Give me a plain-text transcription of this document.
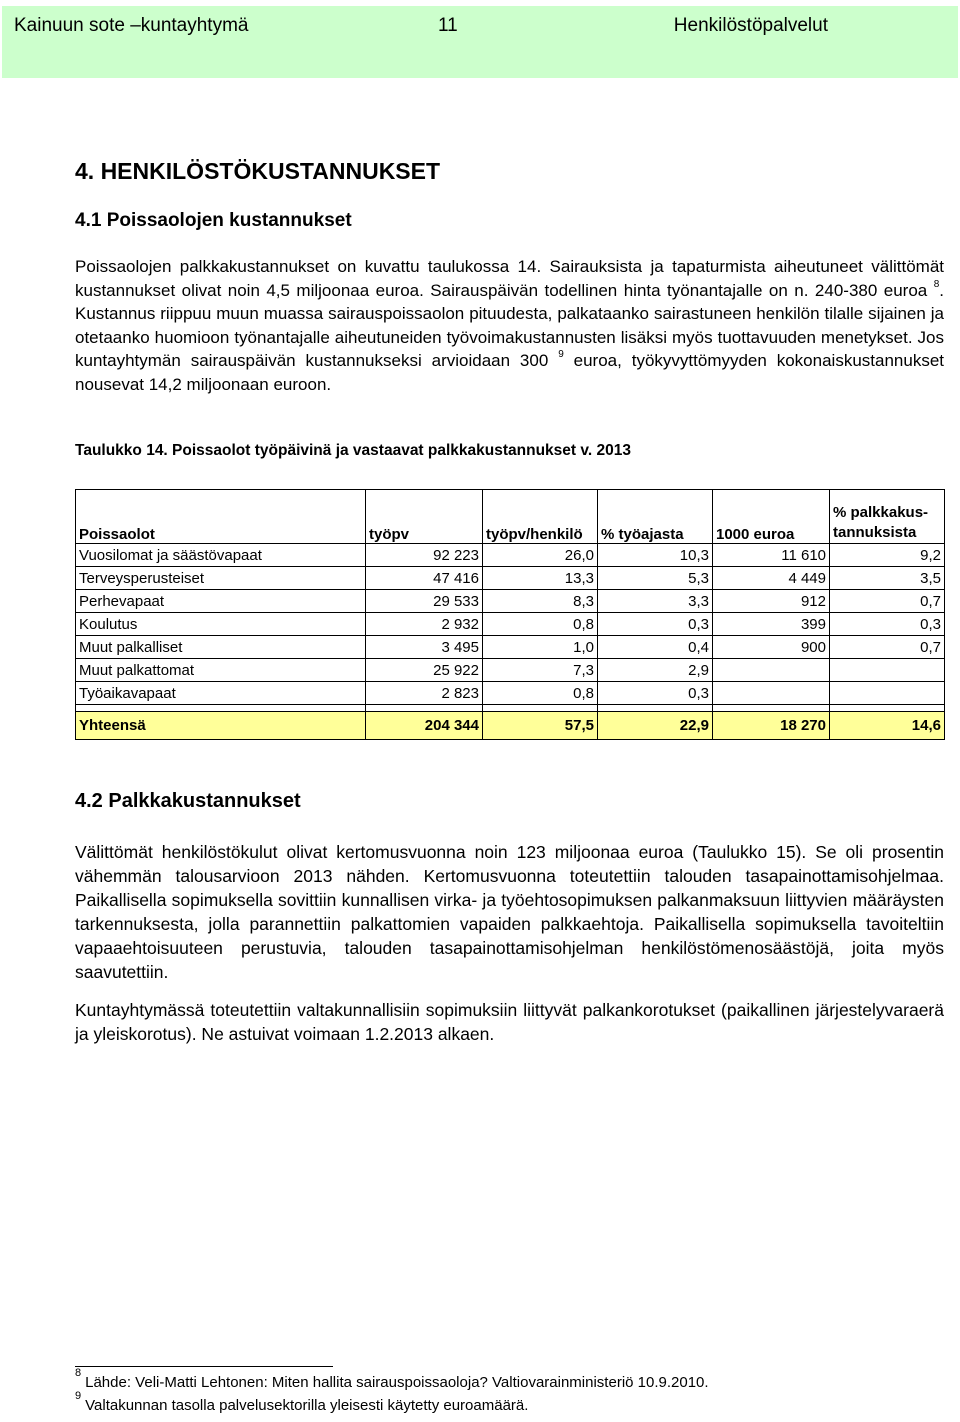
Kainuun sote –kuntayhtymä	11	Henkilöstöpalvelut
4. HENKILÖSTÖKUSTANNUKSET
4.1 Poissaolojen kustannukset

Poissaolojen palkkakustannukset on kuvattu taulukossa 14. Sairauksista ja tapaturmista aiheutuneet välittömät kustannukset olivat noin 4,5 miljoonaa euroa. Sairauspäivän todellinen hinta työnantajalle on n. 240-380 euroa $^8$. Kustannus riippuu muun muassa sairauspoissaolon pituudesta, palkataanko sairastuneen henkilön tilalle sijainen ja otetaanko huomioon työnantajalle aiheutuneiden työvoimakustannusten lisäksi myös tuottavuuden menetykset. Jos kuntayhtymän sairauspäivän kustannukseksi arvioidaan 300 $^9$ euroa, työkyvyttömyyden kokonaiskustannukset nousevat 14,2 miljoonaan euroon.

Taulukko 14. Poissaolot työpäivinä ja vastaavat palkkakustannukset v. 2013
Poissaolot	työpv	työpv/henkilö	% työajasta	1000 euroa	% palkkakus-tannuksista
Vuosilomat ja säästövapaat	92 223	26,0	10,3	11 610	9,2
Terveysperusteiset	47 416	13,3	5,3	4 449	3,5
Perhevapaat	29 533	8,3	3,3	912	0,7
Koulutus	2 932	0,8	0,3	399	0,3
Muut palkalliset	3 495	1,0	0,4	900	0,7
Muut palkattomat	25 922	7,3	2,9		
Työaikavapaat	2 823	0,8	0,3		

Yhteensä	204 344	57,5	22,9	18 270	14,6
4.2 Palkkakustannukset

Välittömät henkilöstökulut olivat kertomusvuonna noin 123 miljoonaa euroa (Taulukko 15). Se oli prosentin vähemmän talousarvioon 2013 nähden. Kertomusvuonna toteutettiin talouden tasapainottamisohjelmaa. Paikallisella sopimuksella sovittiin kunnallisen virka- ja työehtosopimuksen palkanmaksuun liittyvien määräysten tarkennuksesta, jolla parannettiin palkattomien vapaiden palkkaehtoja. Paikallisella sopimuksella tavoiteltiin vapaaehtoisuuteen perustuvia, talouden tasapainottamisohjelman henkilöstömenosäästöjä, joita myös saavutettiin.

Kuntayhtymässä toteutettiin valtakunnallisiin sopimuksiin liittyvät palkankorotukset (paikallinen järjestelyvaraerä ja yleiskorotus). Ne astuivat voimaan 1.2.2013 alkaen.

$^8$Lähde: Veli-Matti Lehtonen: Miten hallita sairauspoissaoloja? Valtiovarainministeriö 10.9.2010.
$^9$Valtakunnan tasolla palvelusektorilla yleisesti käytetty euroamäärä.
